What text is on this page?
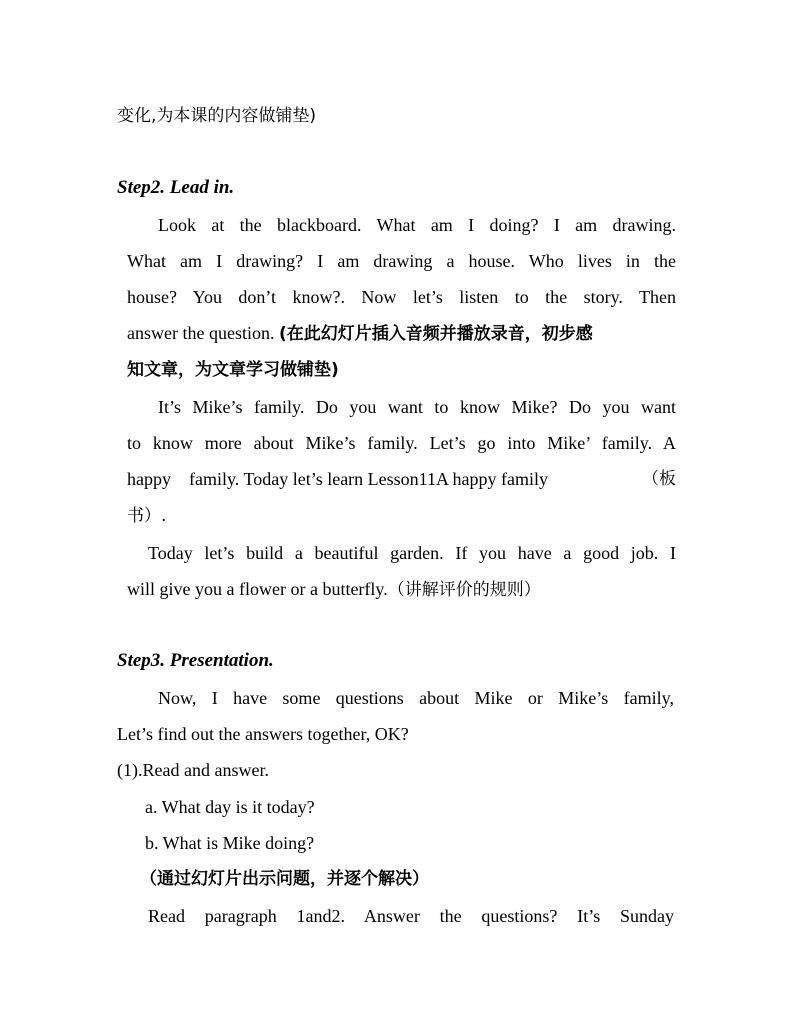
变化,为本课的内容做铺垫)
Step2. Lead in.
Look at the blackboard. What am I doing? I am drawing.
What am I drawing? I am drawing a house. Who lives in the
house? You don’t know?. Now let’s listen to the story. Then
answer the question. (在此幻灯片插入音频并播放录音，初步感
知文章，为文章学习做铺垫)
It’s Mike’s family. Do you want to know Mike? Do you want
to know more about Mike’s family. Let’s go into Mike’ family. A
happy    family. Today let’s learn Lesson11A happy family	（板
书）.
Today let’s build a beautiful garden. If you have a good job. I
will give you a flower or a butterfly.（讲解评价的规则）
Step3. Presentation.
Now, I have some questions about Mike or Mike’s family,
Let’s find out the answers together, OK?
(1).Read and answer.
a. What day is it today?
b. What is Mike doing?
（通过幻灯片出示问题，并逐个解决）
Read paragraph 1and2. Answer the questions? It’s Sunday
